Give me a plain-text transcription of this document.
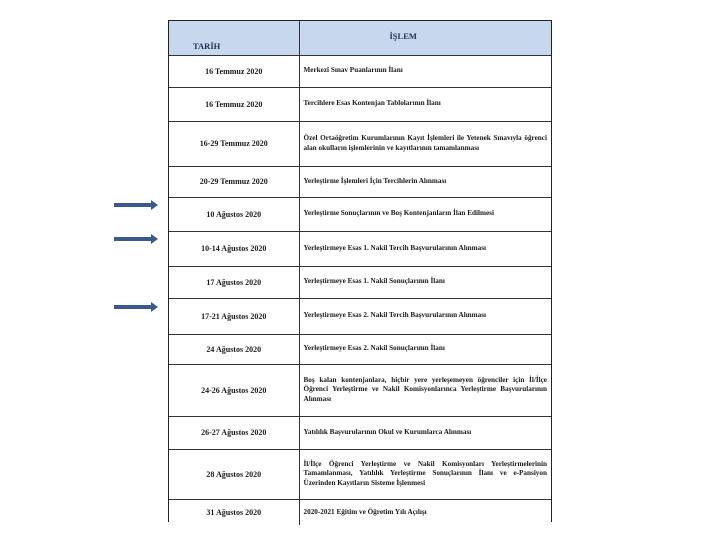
TARİH	İŞLEM
16 Temmuz 2020	Merkezî Sınav Puanlarının İlanı
16 Temmuz 2020	Tercihlere Esas Kontenjan Tablolarının İlanı
16-29 Temmuz 2020	Özel Ortaöğretim Kurumlarının Kayıt İşlemleri ile Yetenek Sınavıyla öğrenci alan okulların işlemlerinin ve kayıtlarının tamamlanması
20-29 Temmuz 2020	Yerleştirme İşlemleri İçin Tercihlerin Alınması
10 Ağustos 2020	Yerleştirme Sonuçlarının ve Boş Kontenjanların İlan Edilmesi
10-14 Ağustos 2020	Yerleştirmeye Esas 1. Nakil Tercih Başvurularının Alınması
17 Ağustos 2020	Yerleştirmeye Esas 1. Nakil Sonuçlarının İlanı
17-21 Ağustos 2020	Yerleştirmeye Esas 2. Nakil Tercih Başvurularının Alınması
24 Ağustos 2020	Yerleştirmeye Esas 2. Nakil Sonuçlarının İlanı
24-26 Ağustos 2020	Boş kalan kontenjanlara, hiçbir yere yerleşemeyen öğrenciler için İl/İlçe Öğrenci Yerleştirme ve Nakil Komisyonlarınca Yerleştirme Başvurularının Alınması
26-27 Ağustos 2020	Yatılılık Başvurularının Okul ve Kurumlarca Alınması
28 Ağustos 2020	İl/İlçe Öğrenci Yerleştirme ve Nakil Komisyonları Yerleştirmelerinin Tamamlanması, Yatılılık Yerleştirme Sonuçlarının İlanı ve e-Pansiyon Üzerinden Kayıtların Sisteme İşlenmesi
31 Ağustos 2020	2020-2021 Eğitim ve Öğretim Yılı Açılışı
